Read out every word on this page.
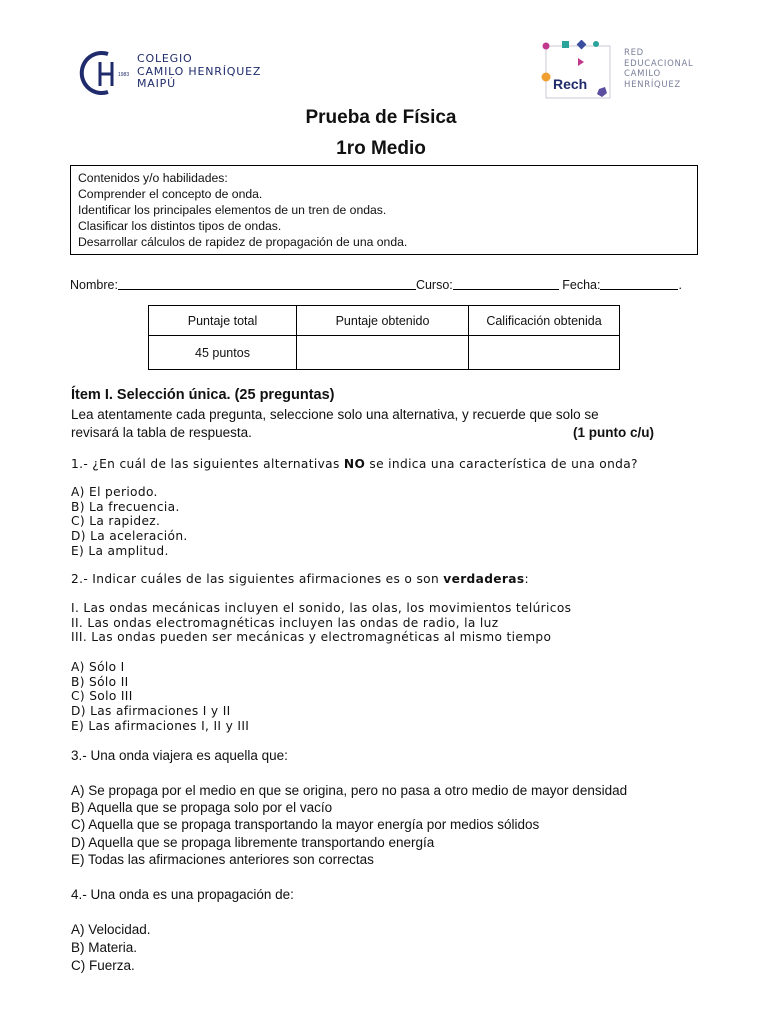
1983
COLEGIO
CAMILO HENRÍQUEZ
MAIPÚ	Rech
RED
EDUCACIONAL
CAMILO
HENRÍQUEZ
Prueba de Física
1ro Medio
Contenidos y/o habilidades:
Comprender el concepto de onda.
Identificar los principales elementos de un tren de ondas.
Clasificar los distintos tipos de ondas.
Desarrollar cálculos de rapidez de propagación de una onda.
Nombre:	Curso:	Fecha:	.
Puntaje total	Puntaje obtenido	Calificación obtenida
45 puntos		
Ítem I. Selección única. (25 preguntas)
Lea atentamente cada pregunta, seleccione solo una alternativa, y recuerde que solo se
revisará la tabla de respuesta.	(1 punto c/u)
1.- ¿En cuál de las siguientes alternativas NO se indica una característica de una onda?
A) El periodo.
B) La frecuencia.
C) La rapidez.
D) La aceleración.
E) La amplitud.
2.- Indicar cuáles de las siguientes afirmaciones es o son verdaderas:
I. Las ondas mecánicas incluyen el sonido, las olas, los movimientos telúricos
II. Las ondas electromagnéticas incluyen las ondas de radio, la luz
III. Las ondas pueden ser mecánicas y electromagnéticas al mismo tiempo
A) Sólo I
B) Sólo II
C) Solo III
D) Las afirmaciones I y II
E) Las afirmaciones I, II y III
3.- Una onda viajera es aquella que:
A) Se propaga por el medio en que se origina, pero no pasa a otro medio de mayor densidad
B) Aquella que se propaga solo por el vacío
C) Aquella que se propaga transportando la mayor energía por medios sólidos
D) Aquella que se propaga libremente transportando energía
E) Todas las afirmaciones anteriores son correctas
4.- Una onda es una propagación de:
A) Velocidad.
B) Materia.
C) Fuerza.
